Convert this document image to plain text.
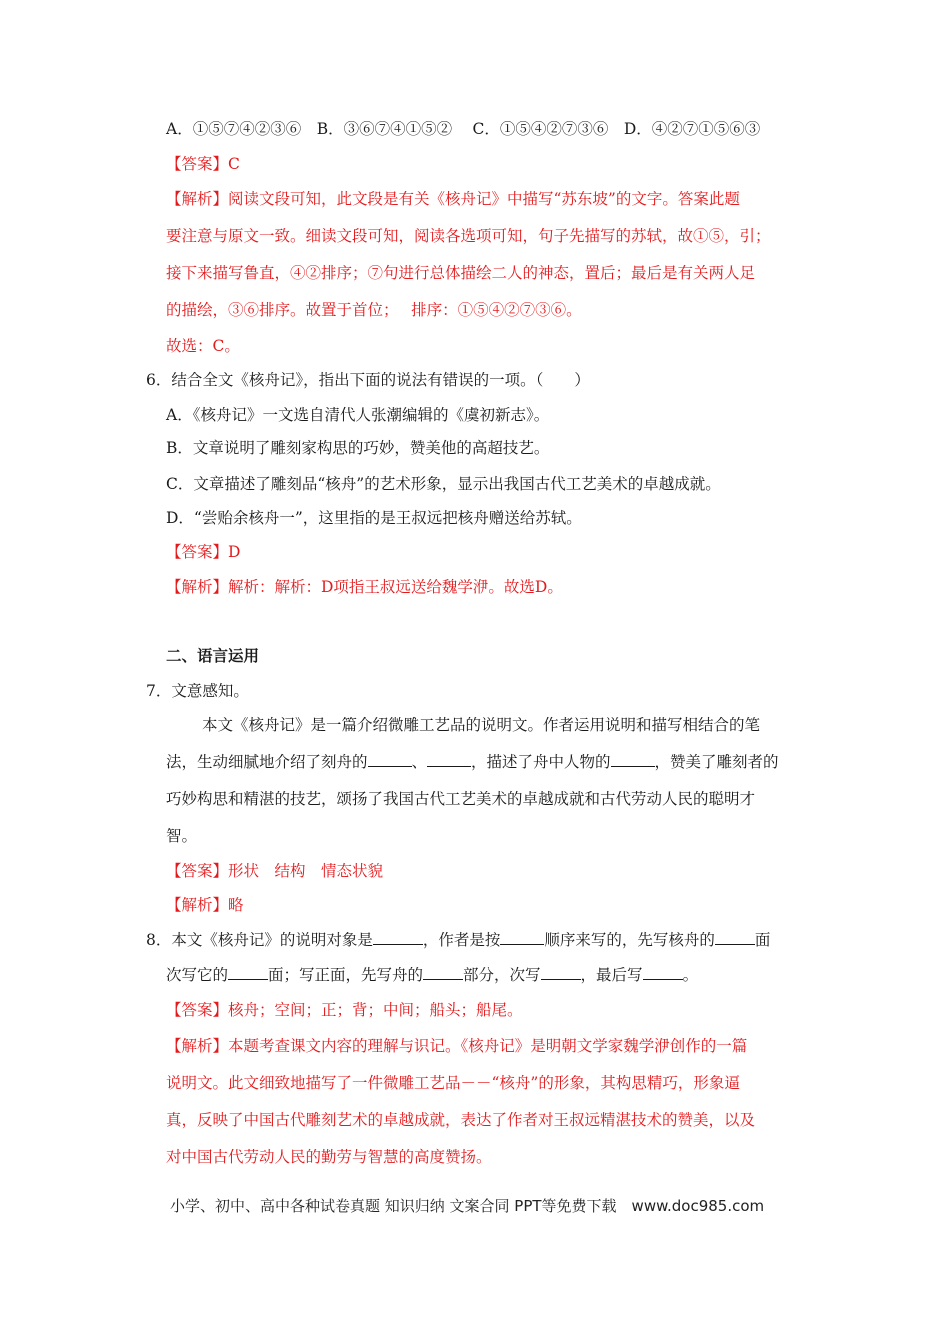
A．①⑤⑦④②③⑥　B．③⑥⑦④①⑤②　 C．①⑤④②⑦③⑥　D．④②⑦①⑤⑥③
【答案】C
【解析】阅读文段可知，此文段是有关《核舟记》中描写“苏东坡”的文字。答案此题
要注意与原文一致。细读文段可知，阅读各选项可知，句子先描写的苏轼，故①⑤，引；
接下来描写鲁直，④②排序；⑦句进行总体描绘二人的神态，置后；最后是有关两人足
的描绘，③⑥排序。故置于首位；　 排序：①⑤④②⑦③⑥。
故选：C。
6．结合全文《核舟记》，指出下面的说法有错误的一项。（　　）
A．《核舟记》一文选自清代人张潮编辑的《虞初新志》。
B．文章说明了雕刻家构思的巧妙，赞美他的高超技艺。
C．文章描述了雕刻品“核舟”的艺术形象，显示出我国古代工艺美术的卓越成就。
D．“尝贻余核舟一”，这里指的是王叔远把核舟赠送给苏轼。
【答案】D
【解析】解析：解析：D项指王叔远送给魏学洢。故选D。
二、语言运用
7．文意感知。
本文《核舟记》是一篇介绍微雕工艺品的说明文。作者运用说明和描写相结合的笔
法，生动细腻地介绍了刻舟的	、	，描述了舟中人物的	，赞美了雕刻者的
巧妙构思和精湛的技艺，颂扬了我国古代工艺美术的卓越成就和古代劳动人民的聪明才
智。
【答案】形状　结构　情态状貌
【解析】略
8．本文《核舟记》的说明对象是	，作者是按	顺序来写的，先写核舟的	面
次写它的	面；写正面，先写舟的	部分，次写	，最后写	。
【答案】核舟；空间；正；背；中间；船头；船尾。
【解析】本题考查课文内容的理解与识记。《核舟记》是明朝文学家魏学洢创作的一篇
说明文。此文细致地描写了一件微雕工艺品－－“核舟”的形象，其构思精巧，形象逼
真，反映了中国古代雕刻艺术的卓越成就，表达了作者对王叔远精湛技术的赞美，以及
对中国古代劳动人民的勤劳与智慧的高度赞扬。
小学、初中、高中各种试卷真题 知识归纳 文案合同 PPT等免费下载　www.doc985.com
